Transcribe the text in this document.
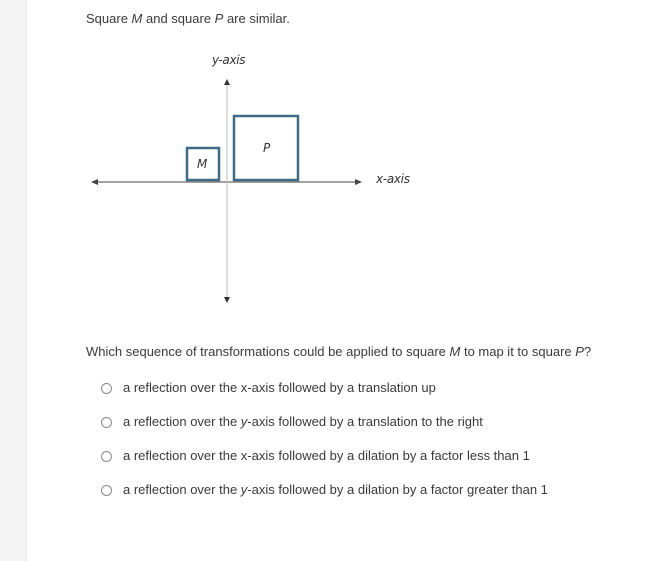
Square M and square P are similar.
y-axis
x-axis
M
P
Which sequence of transformations could be applied to square M to map it to square P?
a reflection over the x-axis followed by a translation up
a reflection over the y-axis followed by a translation to the right
a reflection over the x-axis followed by a dilation by a factor less than 1
a reflection over the y-axis followed by a dilation by a factor greater than 1
